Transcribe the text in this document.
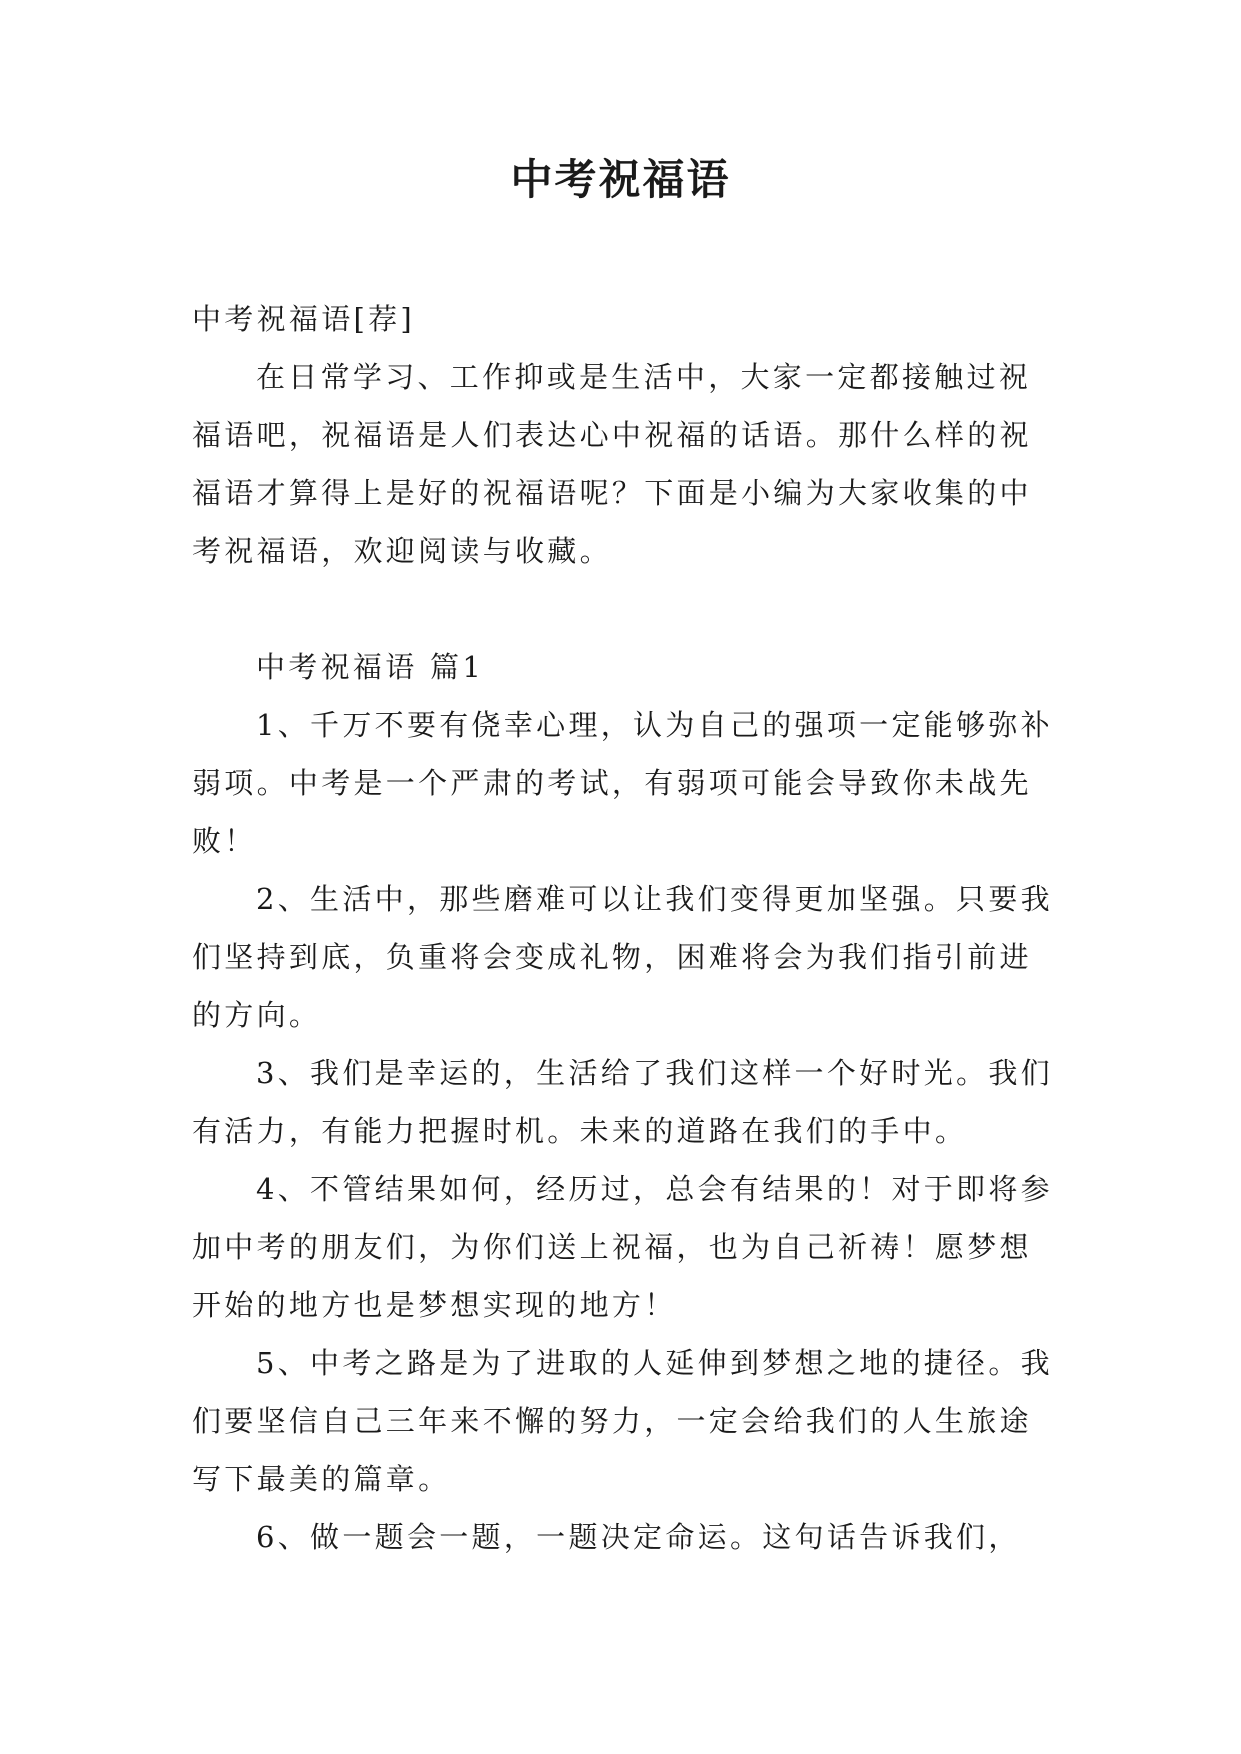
中考祝福语

中考祝福语[荐]

在日常学习、工作抑或是生活中，大家一定都接触过祝福语吧，祝福语是人们表达心中祝福的话语。那什么样的祝福语才算得上是好的祝福语呢？下面是小编为大家收集的中考祝福语，欢迎阅读与收藏。

中考祝福语 篇1

1、千万不要有侥幸心理，认为自己的强项一定能够弥补弱项。中考是一个严肃的考试，有弱项可能会导致你未战先败！

2、生活中，那些磨难可以让我们变得更加坚强。只要我们坚持到底，负重将会变成礼物，困难将会为我们指引前进的方向。

3、我们是幸运的，生活给了我们这样一个好时光。我们有活力，有能力把握时机。未来的道路在我们的手中。

4、不管结果如何，经历过，总会有结果的！对于即将参加中考的朋友们，为你们送上祝福，也为自己祈祷！愿梦想开始的地方也是梦想实现的地方！

5、中考之路是为了进取的人延伸到梦想之地的捷径。我们要坚信自己三年来不懈的努力，一定会给我们的人生旅途写下最美的篇章。

6、做一题会一题，一题决定命运。这句话告诉我们，
